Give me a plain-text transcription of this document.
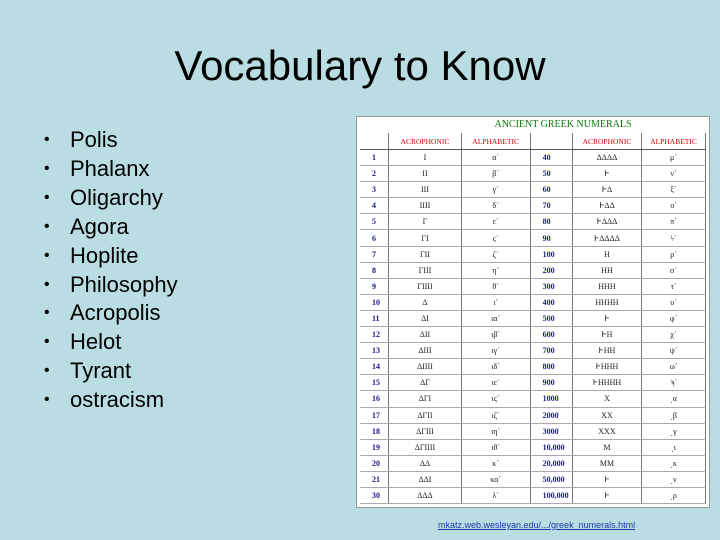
Vocabulary to Know
• Polis
• Phalanx
• Oligarchy
• Agora
• Hoplite
• Philosophy
• Acropolis
• Helot
• Tyrant
• ostracism
ANCIENT GREEK NUMERALS
	ACROPHONIC	ALPHABETIC		ACROPHONIC	ALPHABETIC
1	Ι	α´	40	ΔΔΔΔ	μ´
2	ΙΙ	β´	50	Ͱ	ν´
3	ΙΙΙ	γ´	60	ͰΔ	ξ´
4	ΙΙΙΙ	δ´	70	ͰΔΔ	ο´
5	Γ	ε´	80	ͰΔΔΔ	π´
6	ΓΙ	ϛ´	90	ͰΔΔΔΔ	ϟ´
7	ΓΙΙ	ζ´	100	Η	ρ´
8	ΓΙΙΙ	η´	200	ΗΗ	σ´
9	ΓΙΙΙΙ	θ´	300	ΗΗΗ	τ´
10	Δ	ι´	400	ΗΗΗΗ	υ´
11	ΔΙ	ια´	500	Ͱ	φ´
12	ΔΙΙ	ιβ´	600	ͰΗ	χ´
13	ΔΙΙΙ	ιγ´	700	ͰΗΗ	ψ´
14	ΔΙΙΙΙ	ιδ´	800	ͰΗΗΗ	ω´
15	ΔΓ	ιε´	900	ͰΗΗΗΗ	ϡ´
16	ΔΓΙ	ιϛ´	1000	Χ	͵α
17	ΔΓΙΙ	ιζ´	2000	ΧΧ	͵β
18	ΔΓΙΙΙ	ιη´	3000	ΧΧΧ	͵γ
19	ΔΓΙΙΙΙ	ιθ´	10,000	Μ	͵ι
20	ΔΔ	κ´	20,000	ΜΜ	͵κ
21	ΔΔΙ	κα´	50,000	Ͱ	͵ν
30	ΔΔΔ	λ´	100,000	Ͱ	͵ρ
mkatz.web.wesleyan.edu/.../greek_numerals.html
